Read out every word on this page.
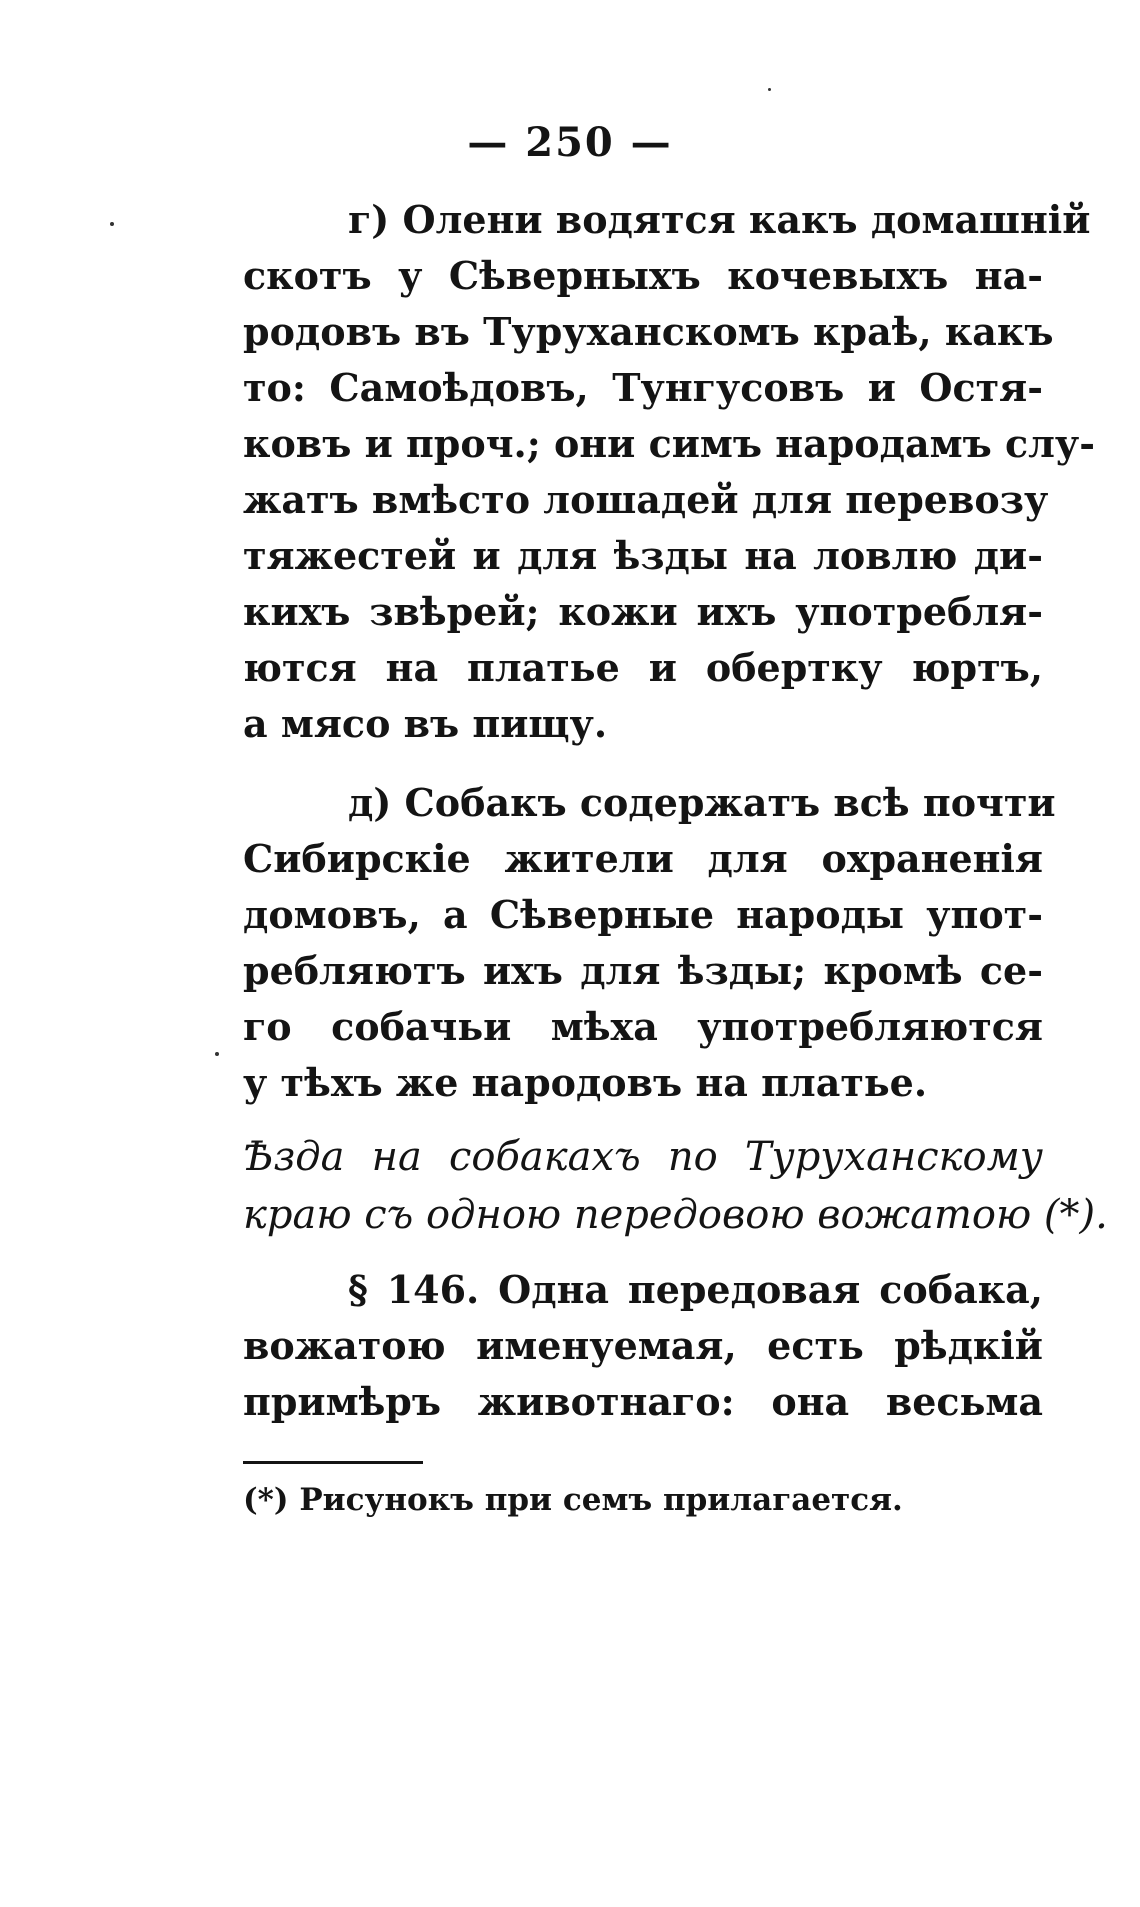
— 250 —
г) Олени водятся какъ домашній
скотъ у Сѣверныхъ кочевыхъ на-
родовъ въ Туруханскомъ краѣ, какъ
то: Самоѣдовъ, Тунгусовъ и Остя-
ковъ и проч.; они симъ народамъ слу-
жатъ вмѣсто лошадей для перевозу
тяжестей и для ѣзды на ловлю ди-
кихъ звѣрей; кожи ихъ употребля-
ются на платье и обертку юртъ,
а мясо въ пищу.
д) Собакъ содержатъ всѣ почти
Сибирскіе жители для охраненія
домовъ, а Сѣверные народы упот-
ребляютъ ихъ для ѣзды; кромѣ се-
го собачьи мѣха употребляются
у тѣхъ же народовъ на платье.
Ѣзда на собакахъ по Туруханскому
краю съ одною передовою вожатою (*).
§ 146. Одна передовая собака,
вожатою именуемая, есть рѣдкій
примѣръ животнаго: она весьма
(*) Рисунокъ при семъ прилагается.
